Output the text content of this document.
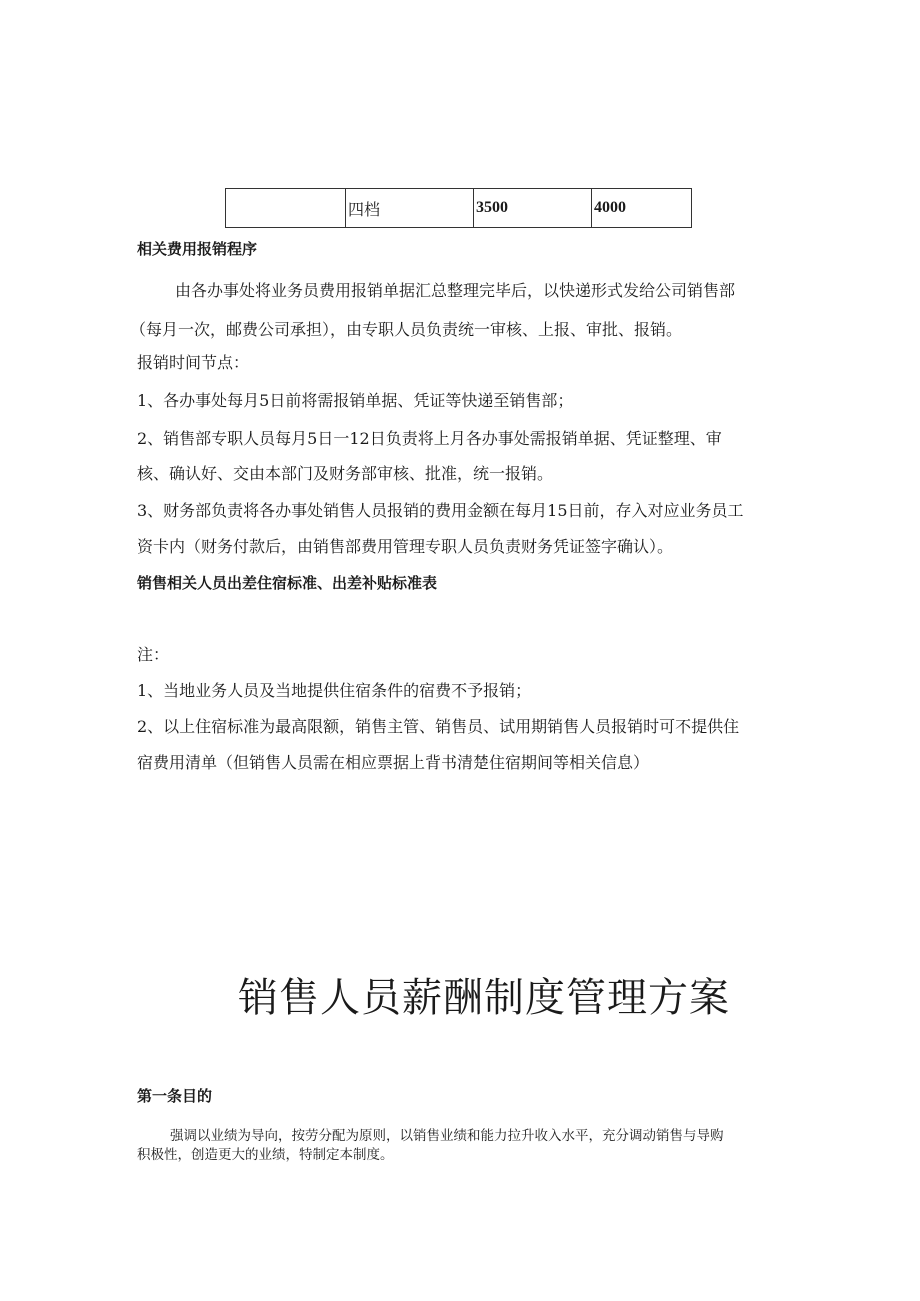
	四档	3500	4000
相关费用报销程序
由各办事处将业务员费用报销单据汇总整理完毕后，以快递形式发给公司销售部
（每月一次，邮费公司承担），由专职人员负责统一审核、上报、审批、报销。
报销时间节点：
1、各办事处每月5日前将需报销单据、凭证等快递至销售部；
2、销售部专职人员每月5日一12日负责将上月各办事处需报销单据、凭证整理、审
核、确认好、交由本部门及财务部审核、批准，统一报销。
3、财务部负责将各办事处销售人员报销的费用金额在每月15日前，存入对应业务员工
资卡内（财务付款后，由销售部费用管理专职人员负责财务凭证签字确认）。
销售相关人员出差住宿标准、出差补贴标准表
注：
1、当地业务人员及当地提供住宿条件的宿费不予报销；
2、以上住宿标准为最高限额，销售主管、销售员、试用期销售人员报销时可不提供住
宿费用清单（但销售人员需在相应票据上背书清楚住宿期间等相关信息）
销售人员薪酬制度管理方案
第一条目的
强调以业绩为导向，按劳分配为原则，以销售业绩和能力拉升收入水平，充分调动销售与导购
积极性，创造更大的业绩，特制定本制度。
